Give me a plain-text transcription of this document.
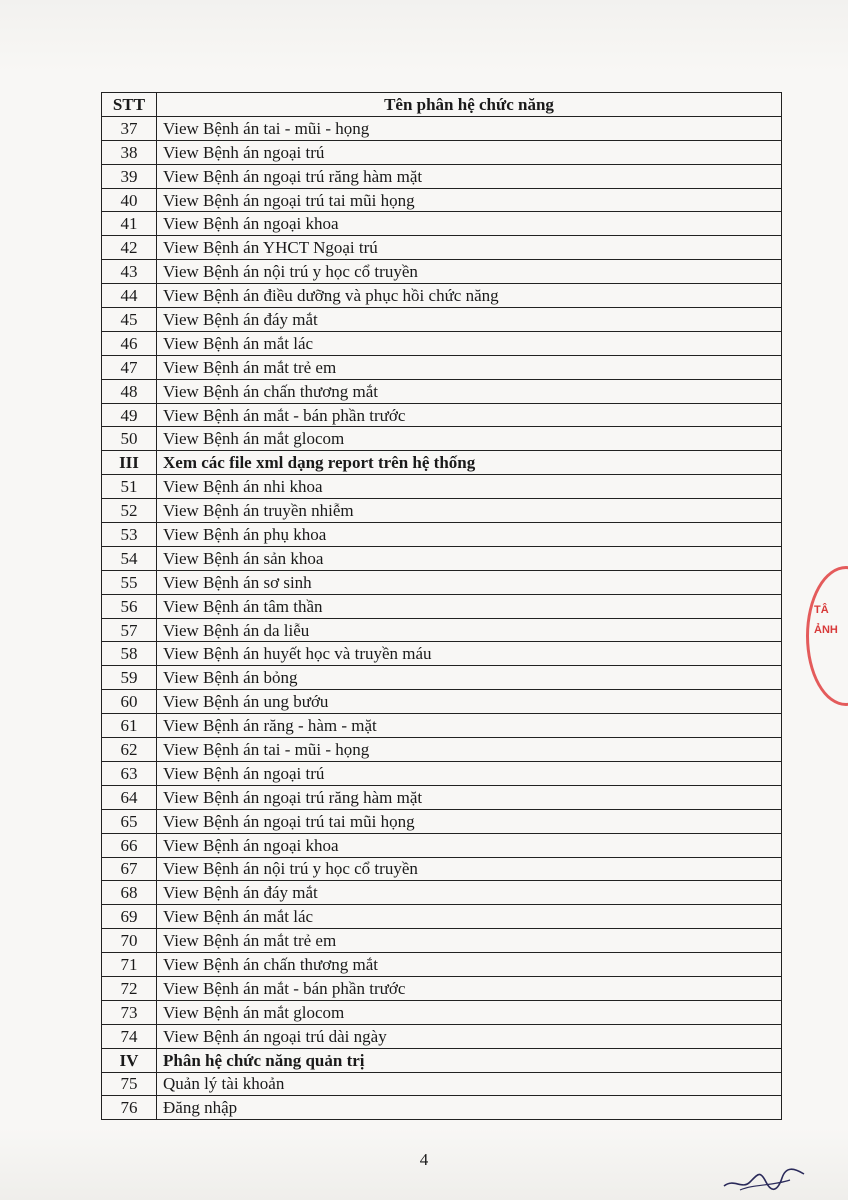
STT	Tên phân hệ chức năng
37	View Bệnh án tai - mũi - họng
38	View Bệnh án ngoại trú
39	View Bệnh án ngoại trú răng hàm mặt
40	View Bệnh án ngoại trú tai mũi họng
41	View Bệnh án ngoại khoa
42	View Bệnh án YHCT Ngoại trú
43	View Bệnh án nội trú y học cổ truyền
44	View Bệnh án điều dưỡng và phục hồi chức năng
45	View Bệnh án đáy mắt
46	View Bệnh án mắt lác
47	View Bệnh án mắt trẻ em
48	View Bệnh án chấn thương mắt
49	View Bệnh án mắt - bán phần trước
50	View Bệnh án mắt glocom
III	Xem các file xml dạng report trên hệ thống
51	View Bệnh án nhi khoa
52	View Bệnh án truyền nhiễm
53	View Bệnh án phụ khoa
54	View Bệnh án sản khoa
55	View Bệnh án sơ sinh
56	View Bệnh án tâm thần
57	View Bệnh án da liễu
58	View Bệnh án huyết học và truyền máu
59	View Bệnh án bỏng
60	View Bệnh án ung bướu
61	View Bệnh án răng - hàm - mặt
62	View Bệnh án tai - mũi - họng
63	View Bệnh án ngoại trú
64	View Bệnh án ngoại trú răng hàm mặt
65	View Bệnh án ngoại trú tai mũi họng
66	View Bệnh án ngoại khoa
67	View Bệnh án nội trú y học cổ truyền
68	View Bệnh án đáy mắt
69	View Bệnh án mắt lác
70	View Bệnh án mắt trẻ em
71	View Bệnh án chấn thương mắt
72	View Bệnh án mắt - bán phần trước
73	View Bệnh án mắt glocom
74	View Bệnh án ngoại trú dài ngày
IV	Phân hệ chức năng quản trị
75	Quản lý tài khoản
76	Đăng nhập
4
TÂ
ẢNH
